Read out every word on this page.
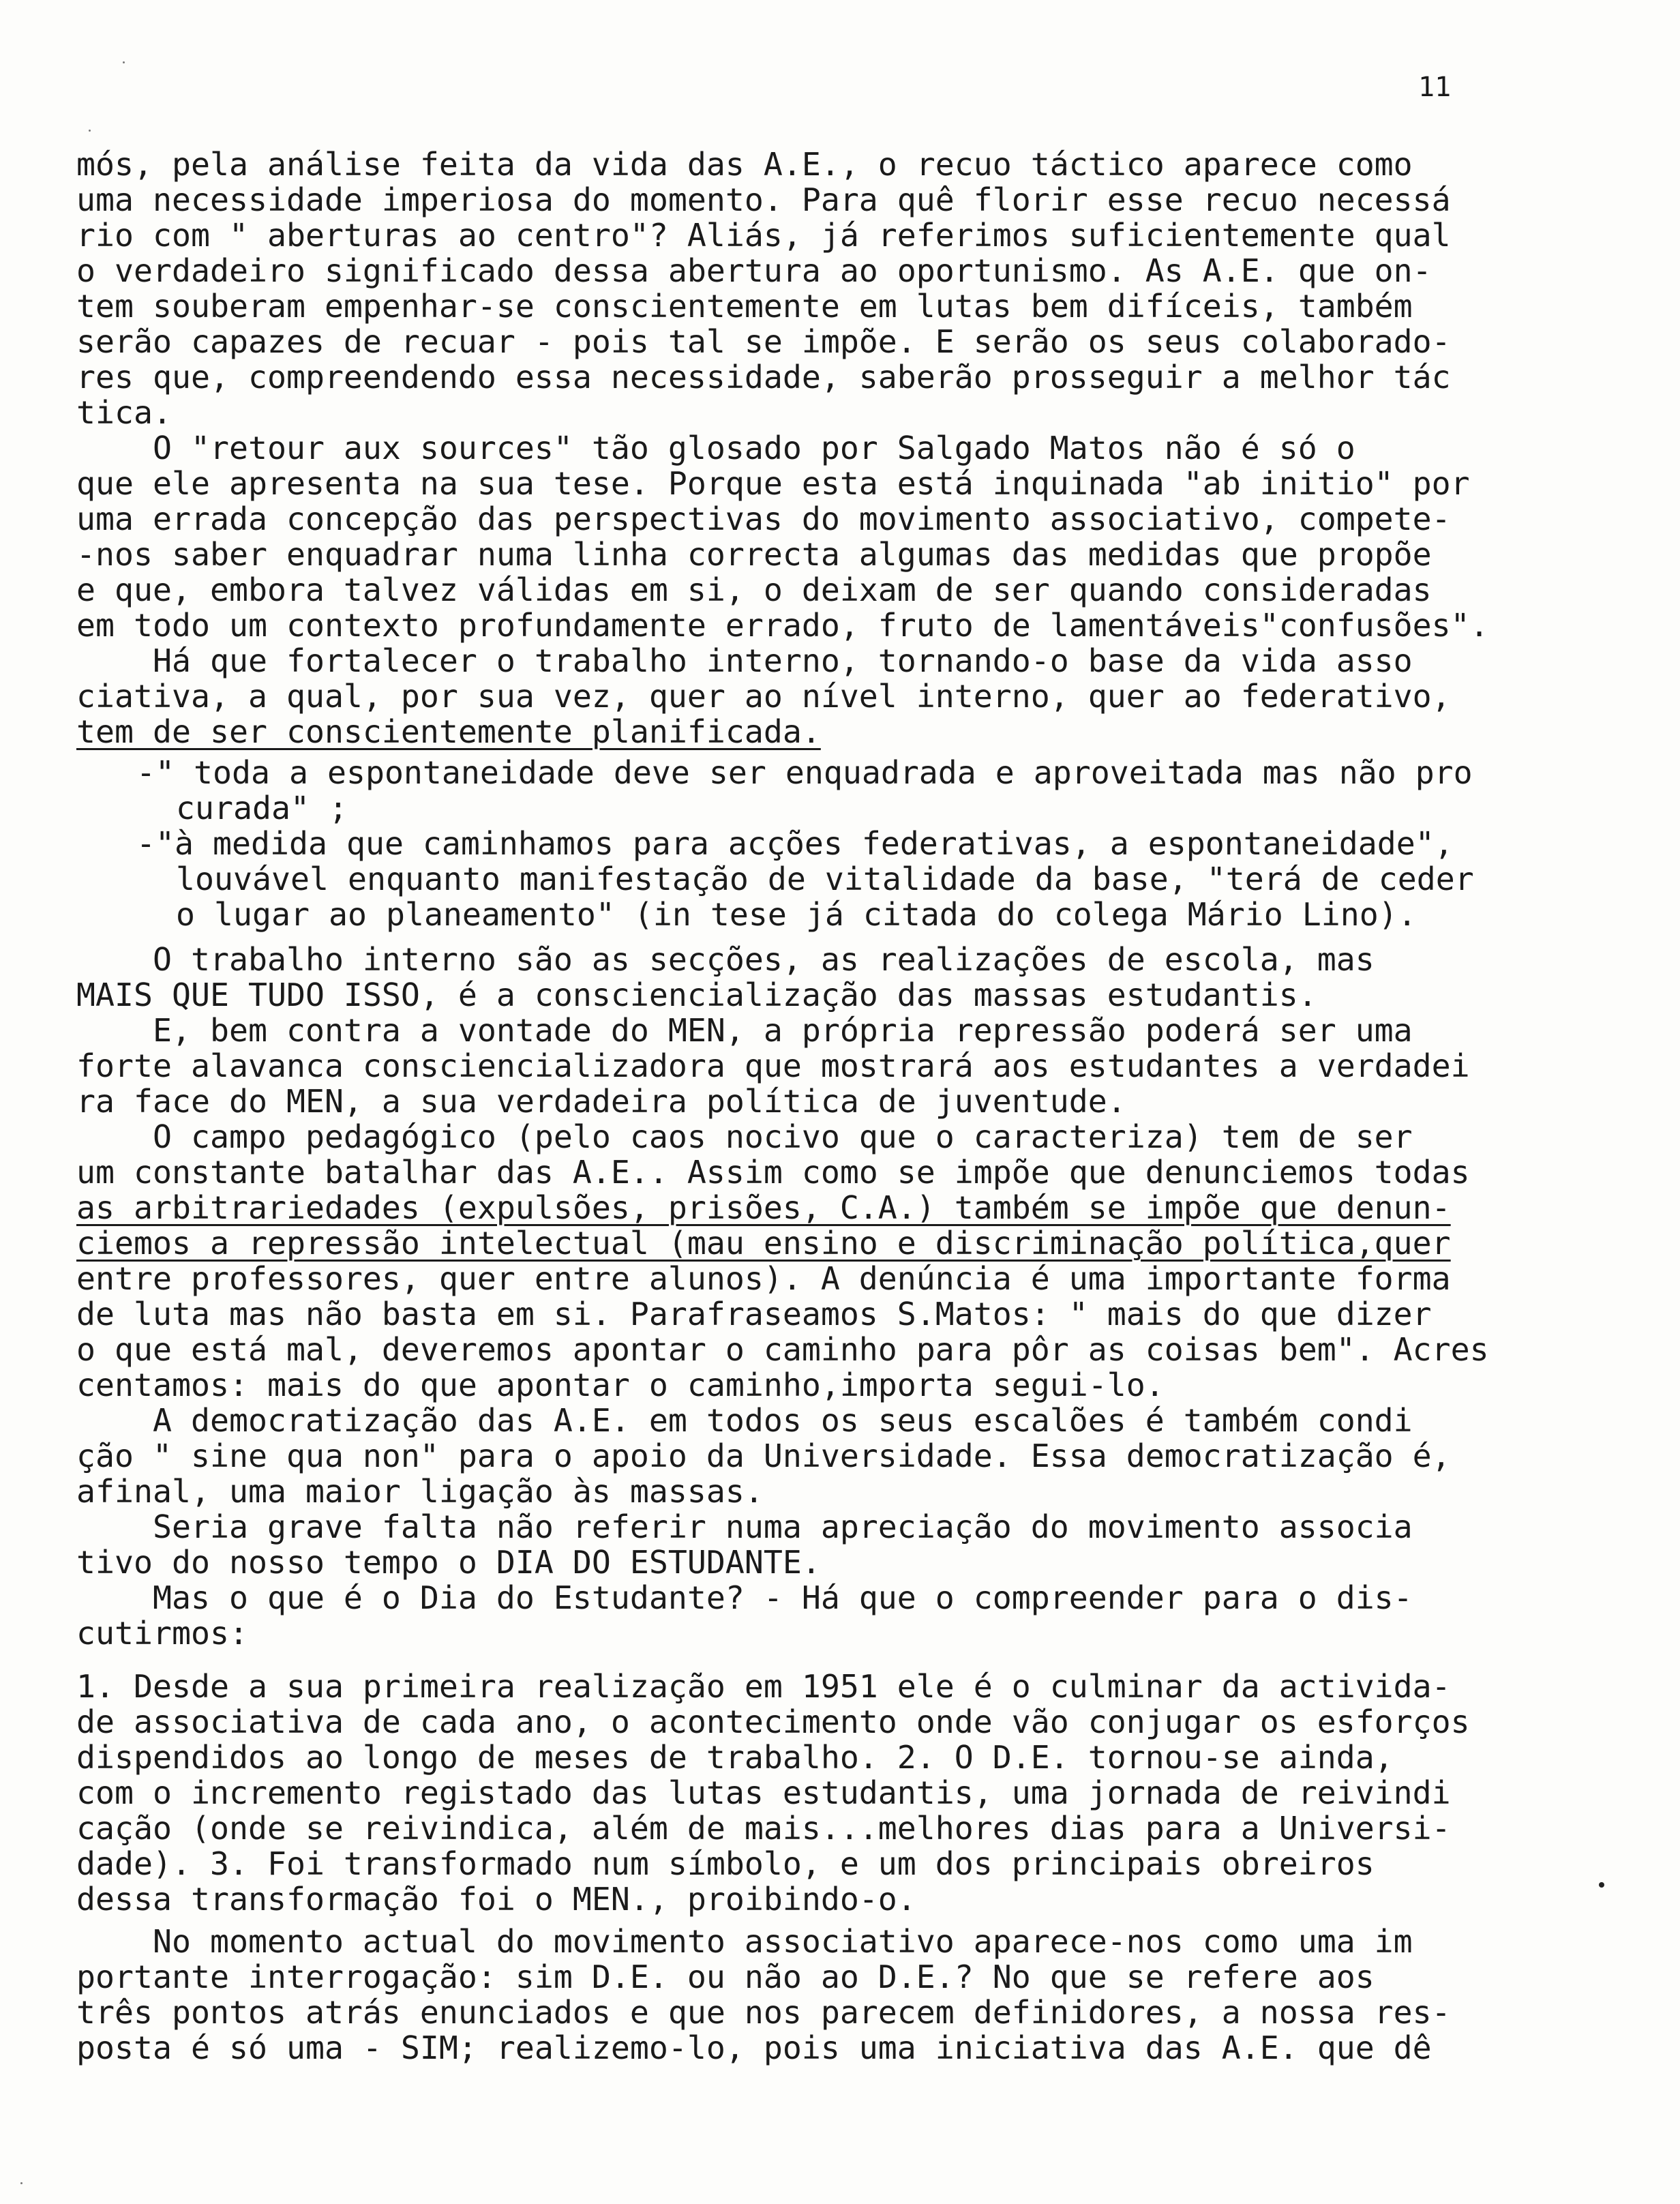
11
mós, pela análise feita da vida das A.E., o recuo táctico aparece como
uma necessidade imperiosa do momento. Para quê florir esse recuo necessá
rio com " aberturas ao centro"? Aliás, já referimos suficientemente qual
o verdadeiro significado dessa abertura ao oportunismo. As A.E. que on-
tem souberam empenhar-se conscientemente em lutas bem difíceis, também
serão capazes de recuar - pois tal se impõe. E serão os seus colaborado-
res que, compreendendo essa necessidade, saberão prosseguir a melhor tác
tica.
O "retour aux sources" tão glosado por Salgado Matos não é só o
que ele apresenta na sua tese. Porque esta está inquinada "ab initio" por
uma errada concepção das perspectivas do movimento associativo, compete-
-nos saber enquadrar numa linha correcta algumas das medidas que propõe
e que, embora talvez válidas em si, o deixam de ser quando consideradas
em todo um contexto profundamente errado, fruto de lamentáveis"confusões".
Há que fortalecer o trabalho interno, tornando-o base da vida asso
ciativa, a qual, por sua vez, quer ao nível interno, quer ao federativo,
tem de ser conscientemente planificada.
-" toda a espontaneidade deve ser enquadrada e aproveitada mas não pro
curada" ;
-"à medida que caminhamos para acções federativas, a espontaneidade",
louvável enquanto manifestação de vitalidade da base, "terá de ceder
o lugar ao planeamento" (in tese já citada do colega Mário Lino).
O trabalho interno são as secções, as realizações de escola, mas
MAIS QUE TUDO ISSO, é a consciencialização das massas estudantis.
E, bem contra a vontade do MEN, a própria repressão poderá ser uma
forte alavanca consciencializadora que mostrará aos estudantes a verdadei
ra face do MEN, a sua verdadeira política de juventude.
O campo pedagógico (pelo caos nocivo que o caracteriza) tem de ser
um constante batalhar das A.E.. Assim como se impõe que denunciemos todas
as arbitrariedades (expulsões, prisões, C.A.) também se impõe que denun-
ciemos a repressão intelectual (mau ensino e discriminação política,quer
entre professores, quer entre alunos). A denúncia é uma importante forma
de luta mas não basta em si. Parafraseamos S.Matos: " mais do que dizer
o que está mal, deveremos apontar o caminho para pôr as coisas bem". Acres
centamos: mais do que apontar o caminho,importa segui-lo.
A democratização das A.E. em todos os seus escalões é também condi
ção " sine qua non" para o apoio da Universidade. Essa democratização é,
afinal, uma maior ligação às massas.
Seria grave falta não referir numa apreciação do movimento associa
tivo do nosso tempo o DIA DO ESTUDANTE.
Mas o que é o Dia do Estudante? - Há que o compreender para o dis-
cutirmos:
1. Desde a sua primeira realização em 1951 ele é o culminar da actividа-
de associativa de cada ano, o acontecimento onde vão conjugar os esforços
dispendidos ao longo de meses de trabalho. 2. O D.E. tornou-se ainda,
com o incremento registado das lutas estudantis, uma jornada de reivindi
cação (onde se reivindica, além de mais...melhores dias para a Universi-
dade). 3. Foi transformado num símbolo, e um dos principais obreiros
dessa transformação foi o MEN., proibindo-o.
No momento actual do movimento associativo aparece-nos como uma im
portante interrogação: sim D.E. ou não ao D.E.? No que se refere aos
três pontos atrás enunciados e que nos parecem definidores, a nossa res-
posta é só uma - SIM; realizemo-lo, pois uma iniciativa das A.E. que dê
